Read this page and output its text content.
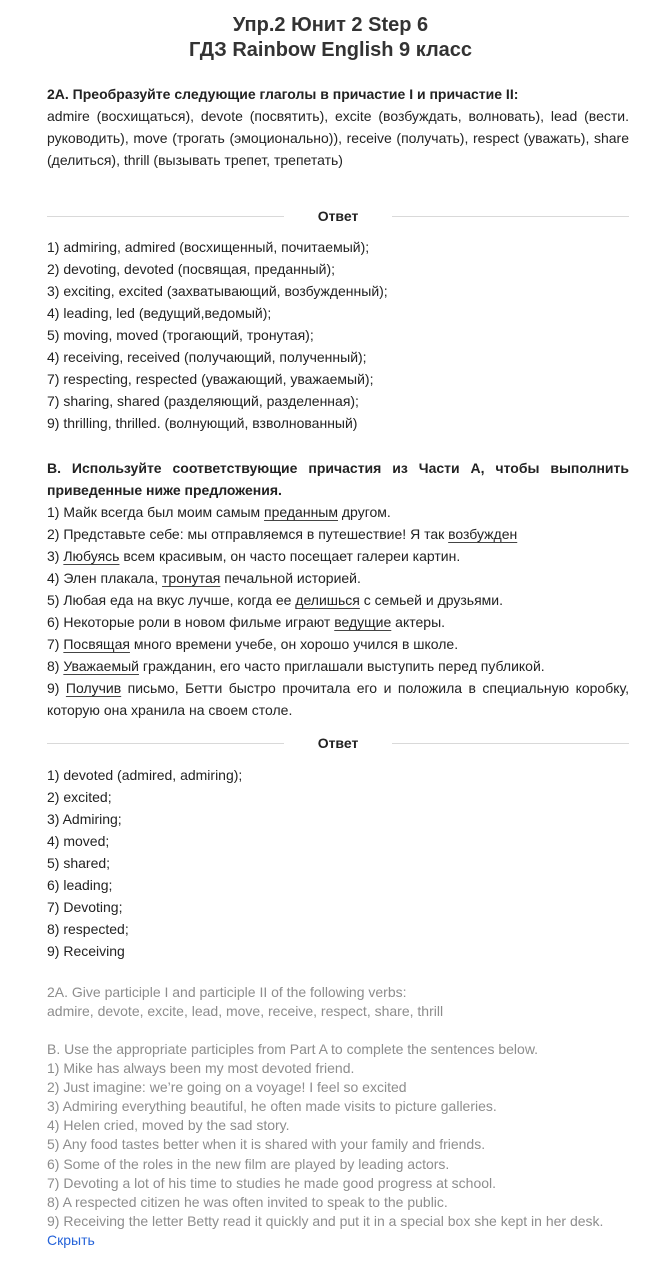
Упр.2 Юнит 2 Step 6
ГДЗ Rainbow English 9 класс

2A. Преобразуйте следующие глаголы в причастие I и причастие II:

admire (восхищаться), devote (посвятить), excite (возбуждать, волновать), lead (вести. руководить), move (трогать (эмоционально)), receive (получать), respect (уважать), share (делиться), thrill (вызывать трепет, трепетать)

Ответ
1) admiring, admired (восхищенный, почитаемый);
2) devoting, devoted (посвящая, преданный);
3) exciting, excited (захватывающий, возбужденный);
4) leading, led (ведущий,ведомый);
5) moving, moved (трогающий, тронутая);
4) receiving, received (получающий, полученный);
7) respecting, respected (уважающий, уважаемый);
7) sharing, shared (разделяющий, разделенная);
9) thrilling, thrilled. (волнующий, взволнованный)

B. Используйте соответствующие причастия из Части A, чтобы выполнить приведенные ниже предложения.

1) Майк всегда был моим самым преданным другом.
2) Представьте себе: мы отправляемся в путешествие! Я так возбужден
3) Любуясь всем красивым, он часто посещает галереи картин.
4) Элен плакала, тронутая печальной историей.
5) Любая еда на вкус лучше, когда ее делишься с семьей и друзьями.
6) Некоторые роли в новом фильме играют ведущие актеры.
7) Посвящая много времени учебе, он хорошо учился в школе.
8) Уважаемый гражданин, его часто приглашали выступить перед публикой.

9) Получив письмо, Бетти быстро прочитала его и положила в специальную коробку, которую она хранила на своем столе.

Ответ
1) devoted (admired, admiring);
2) excited;
3) Admiring;
4) moved;
5) shared;
6) leading;
7) Devoting;
8) respected;
9) Receiving
2A. Give participle I and participle II of the following verbs:
admire, devote, excite, lead, move, receive, respect, share, thrill
B. Use the appropriate participles from Part A to complete the sentences below.
1) Mike has always been my most devoted friend.
2) Just imagine: we’re going on a voyage! I feel so excited
3) Admiring everything beautiful, he often made visits to picture galleries.
4) Helen cried, moved by the sad story.
5) Any food tastes better when it is shared with your family and friends.
6) Some of the roles in the new film are played by leading actors.
7) Devoting a lot of his time to studies he made good progress at school.
8) A respected citizen he was often invited to speak to the public.
9) Receiving the letter Betty read it quickly and put it in a special box she kept in her desk.
Скрыть
